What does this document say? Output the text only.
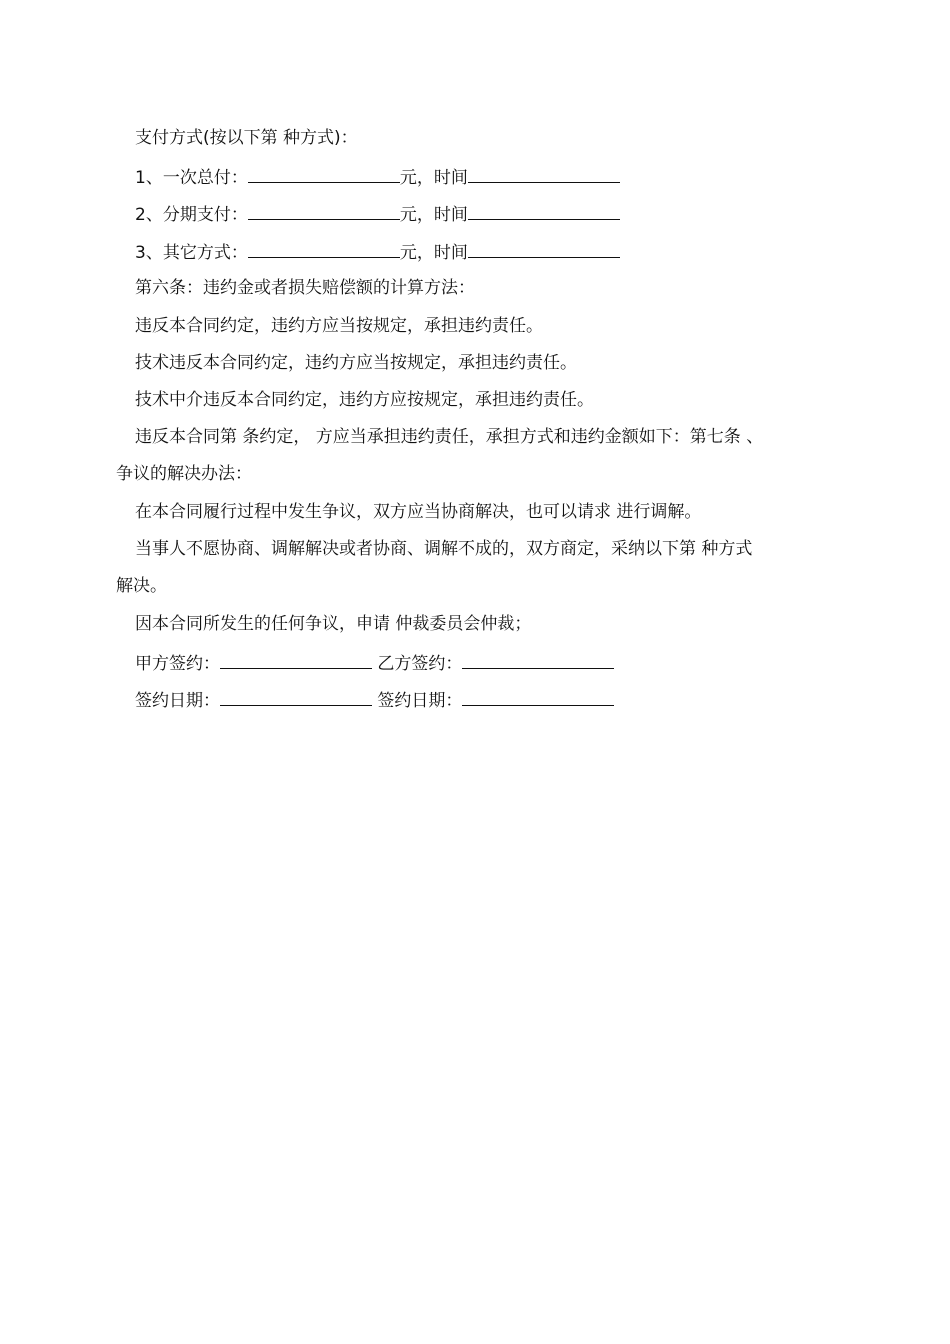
支付方式(按以下第 种方式)：
1、一次总付：	元，时间
2、分期支付：	元，时间
3、其它方式：	元，时间
第六条：违约金或者损失赔偿额的计算方法：
违反本合同约定，违约方应当按规定，承担违约责任。
技术违反本合同约定，违约方应当按规定，承担违约责任。
技术中介违反本合同约定，违约方应按规定，承担违约责任。
违反本合同第 条约定， 方应当承担违约责任，承担方式和违约金额如下：第七条 、
争议的解决办法：
在本合同履行过程中发生争议，双方应当协商解决，也可以请求 进行调解。
当事人不愿协商、调解解决或者协商、调解不成的，双方商定，采纳以下第 种方式
解决。
因本合同所发生的任何争议，申请 仲裁委员会仲裁；
甲方签约：	乙方签约：
签约日期：	签约日期：
